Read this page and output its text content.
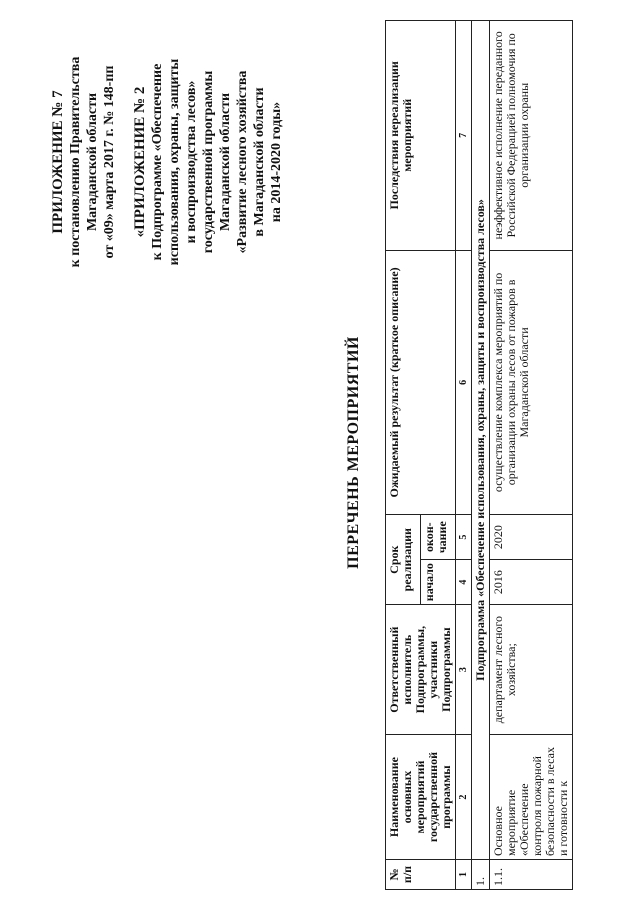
ПРИЛОЖЕНИЕ № 7 к постановлению Правительства Магаданской области от «09» марта 2017 г. № 148-пп «ПРИЛОЖЕНИЕ № 2 к Подпрограмме «Обеспечение использования, охраны, защиты и воспроизводства лесов» государственной программы Магаданской области «Развитие лесного хозяйства в Магаданской области на 2014-2020 годы»
ПЕРЕЧЕНЬ МЕРОПРИЯТИЙ
№ п/п	Наименование основных мероприятий государственной программы	Ответственный исполнитель Подпрограммы, участники Подпрограммы	Срок реализации		Ожидаемый результат (краткое описание)	Последствия нереализации мероприятий
			начало	окон-чание		
1	2	3	4	5	6	7
1.	Подпрограмма «Обеспечение использования, охраны, защиты и воспроизводства лесов»					
1.1.	Основное мероприятие «Обеспечение контроля пожарной безопасности в лесах и готовности к	департамент лесного хозяйства;	2016	2020	осуществление комплекса мероприятий по организации охраны лесов от пожаров в Магаданской области	неэффективное исполнение переданного Российской Федерацией полномочия по организации охраны
